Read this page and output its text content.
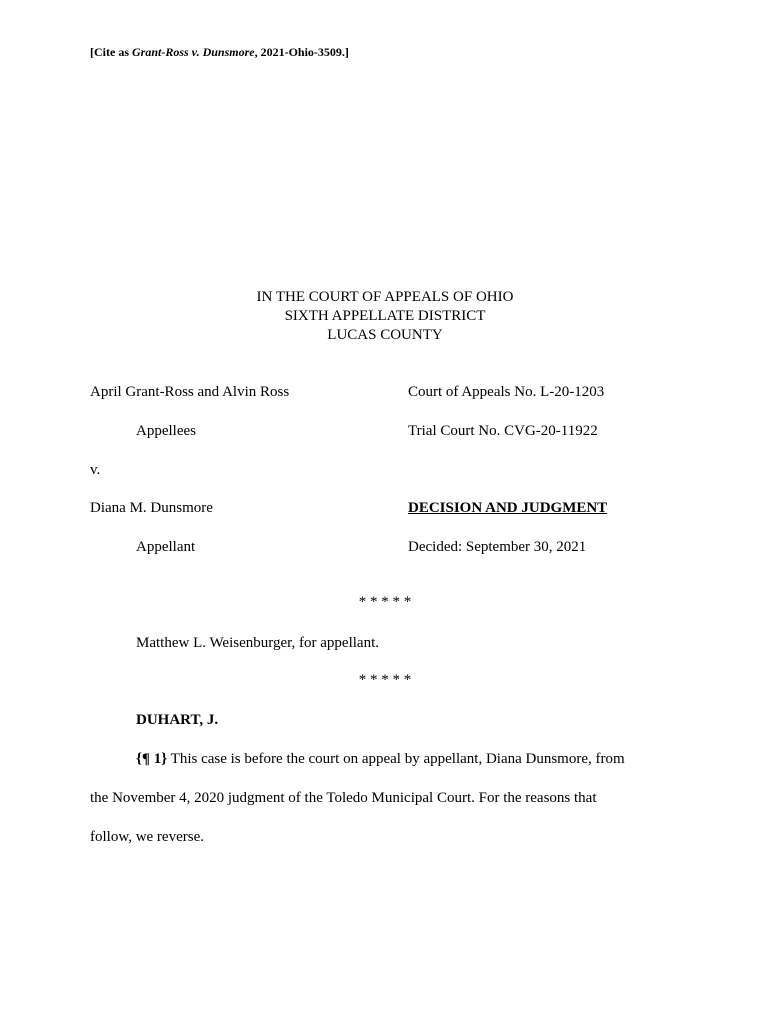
[Cite as Grant-Ross v. Dunsmore, 2021-Ohio-3509.]
IN THE COURT OF APPEALS OF OHIO
SIXTH APPELLATE DISTRICT
LUCAS COUNTY
April Grant-Ross and Alvin Ross	Court of Appeals No. L-20-1203
Appellees	Trial Court No. CVG-20-11922
v.
Diana M. Dunsmore	DECISION AND JUDGMENT
Appellant	Decided: September 30, 2021
* * * * *
Matthew L. Weisenburger, for appellant.
* * * * *
DUHART, J.
{¶ 1} This case is before the court on appeal by appellant, Diana Dunsmore, from
the November 4, 2020 judgment of the Toledo Municipal Court. For the reasons that
follow, we reverse.
